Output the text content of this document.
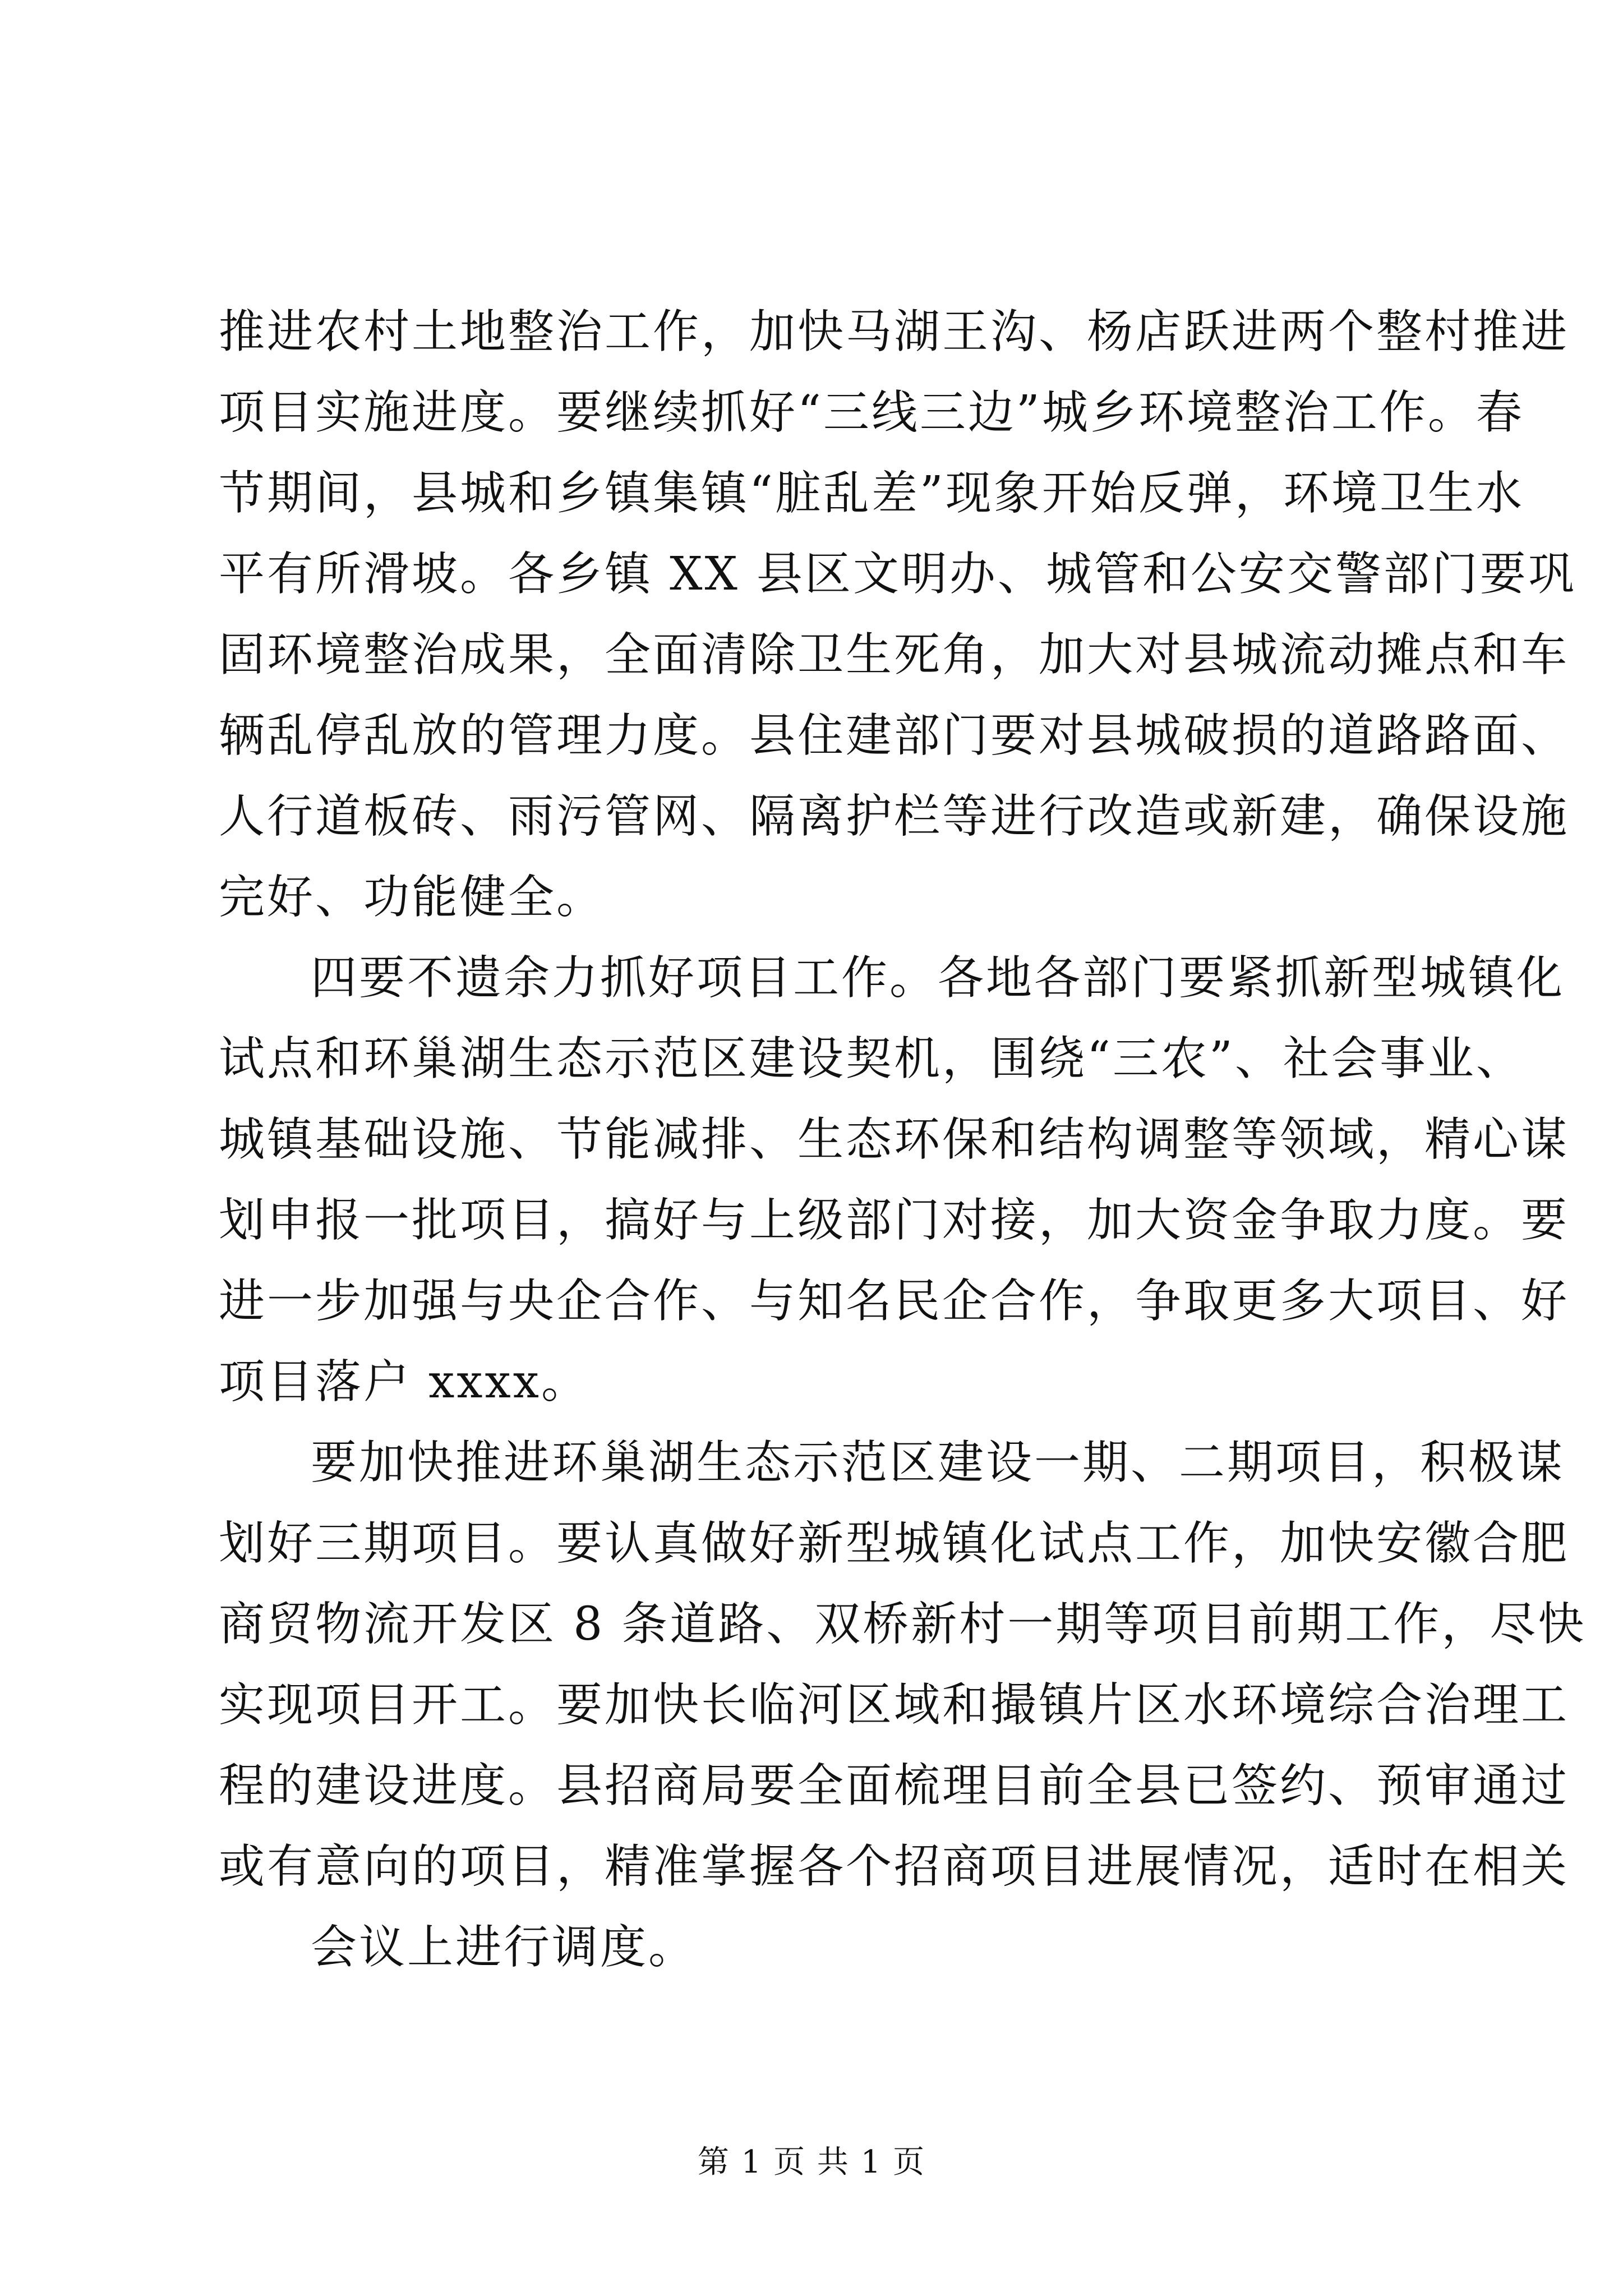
推进农村土地整治工作，加快马湖王沟、杨店跃进两个整村推进
项目实施进度。要继续抓好“三线三边”城乡环境整治工作。春
节期间，县城和乡镇集镇“脏乱差”现象开始反弹，环境卫生水
平有所滑坡。各乡镇 XX 县区文明办、城管和公安交警部门要巩
固环境整治成果，全面清除卫生死角，加大对县城流动摊点和车
辆乱停乱放的管理力度。县住建部门要对县城破损的道路路面、
人行道板砖、雨污管网、隔离护栏等进行改造或新建，确保设施
完好、功能健全。
四要不遗余力抓好项目工作。各地各部门要紧抓新型城镇化
试点和环巢湖生态示范区建设契机，围绕“三农”、社会事业、
城镇基础设施、节能减排、生态环保和结构调整等领域，精心谋
划申报一批项目，搞好与上级部门对接，加大资金争取力度。要
进一步加强与央企合作、与知名民企合作，争取更多大项目、好
项目落户 xxxx。
要加快推进环巢湖生态示范区建设一期、二期项目，积极谋
划好三期项目。要认真做好新型城镇化试点工作，加快安徽合肥
商贸物流开发区 8 条道路、双桥新村一期等项目前期工作，尽快
实现项目开工。要加快长临河区域和撮镇片区水环境综合治理工
程的建设进度。县招商局要全面梳理目前全县已签约、预审通过
或有意向的项目，精准掌握各个招商项目进展情况，适时在相关
会议上进行调度。
第 1 页 共 1 页
